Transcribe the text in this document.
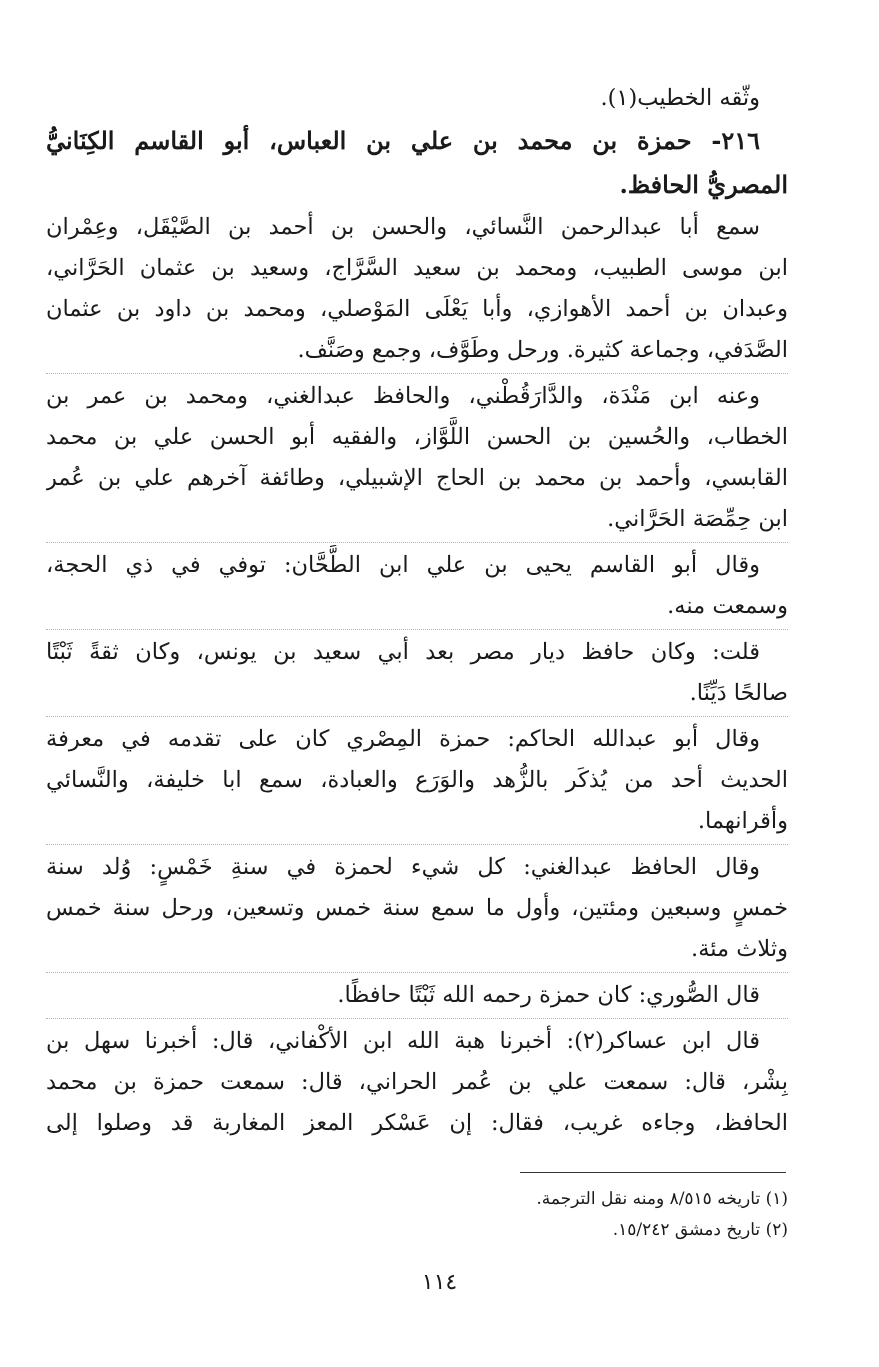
وثّقه الخطيب(١).
٢١٦- حمزة بن محمد بن علي بن العباس، أبو القاسم الكِنَانيُّ
المصريُّ الحافظ.
سمع أبا عبدالرحمن النَّسائي، والحسن بن أحمد بن الصَّيْقَل، وعِمْران
ابن موسى الطبيب، ومحمد بن سعيد السَّرَّاج، وسعيد بن عثمان الحَرَّاني،
وعبدان بن أحمد الأهوازي، وأبا يَعْلَى المَوْصلي، ومحمد بن داود بن عثمان
الصَّدَفي، وجماعة كثيرة. ورحل وطَوَّف، وجمع وصَنَّف.
وعنه ابن مَنْدَة، والدَّارَقُطْني، والحافظ عبدالغني، ومحمد بن عمر بن
الخطاب، والحُسين بن الحسن اللَّوَّاز، والفقيه أبو الحسن علي بن محمد
القابسي، وأحمد بن محمد بن الحاج الإشبيلي، وطائفة آخرهم علي بن عُمر
ابن حِمِّصَة الحَرَّاني.
وقال أبو القاسم يحيى بن علي ابن الطَّحَّان: توفي في ذي الحجة،
وسمعت منه.
قلت: وكان حافظ ديار مصر بعد أبي سعيد بن يونس، وكان ثقةً ثَبْتًا
صالحًا دَيِّنًا.
وقال أبو عبدالله الحاكم: حمزة المِصْري كان على تقدمه في معرفة
الحديث أحد من يُذكَر بالزُّهد والوَرَع والعبادة، سمع ابا خليفة، والنَّسائي
وأقرانهما.
وقال الحافظ عبدالغني: كل شيء لحمزة في سنةِ خَمْسٍ: وُلد سنة
خمسٍ وسبعين ومئتين، وأول ما سمع سنة خمس وتسعين، ورحل سنة خمس
وثلاث مئة.
قال الصُّوري: كان حمزة رحمه الله ثَبْتًا حافظًا.
قال ابن عساكر(٢): أخبرنا هبة الله ابن الأكْفاني، قال: أخبرنا سهل بن
بِشْر، قال: سمعت علي بن عُمر الحراني، قال: سمعت حمزة بن محمد
الحافظ، وجاءه غريب، فقال: إن عَسْكر المعز المغاربة قد وصلوا إلى
(١) تاريخه ٨/٥١٥ ومنه نقل الترجمة.
(٢) تاريخ دمشق ١٥/٢٤٢.
١١٤
